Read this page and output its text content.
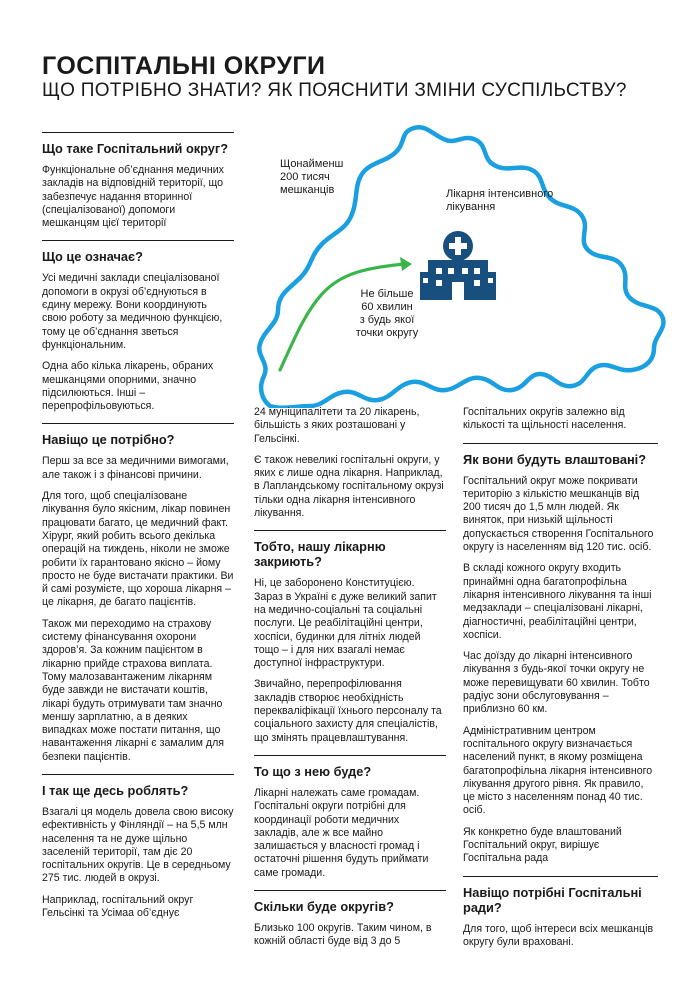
ГОСПІТАЛЬНІ ОКРУГИ
ЩО ПОТРІБНО ЗНАТИ? ЯК ПОЯСНИТИ ЗМІНИ СУСПІЛЬСТВУ?
Щонайменш
200 тисяч
мешканців	Лікарня інтенсивного
лікування
Не більше
60 хвилин
з будь якої
точки округу
Що таке Госпітальний округ?

Функціональне об’єднання медичних закладів на відповідній території, що забезпечує надання вторинної (спеціалізованої) допомоги мешканцям цієї території

Що це означає?

Усі медичні заклади спеціалізованої допомоги в окрузі об’єднуються в єдину мережу. Вони координують свою роботу за медичною функцією, тому це об’єднання зветься функціональним.

Одна або кілька лікарень, обраних мешканцями опорними, значно підсилюються. Інші – перепрофільовуються.

Навіщо це потрібно?

Перш за все за медичними вимогами, але також і з фінансові причини.

Для того, щоб спеціалізоване лікування було якісним, лікар повинен працювати багато, це медичний факт. Хірург, який робить всього декілька операцій на тиждень, ніколи не зможе робити їх гарантовано якісно – йому просто не буде вистачати практики. Ви й самі розумієте, що хороша лікарня – це лікарня, де багато пацієнтів.

Також ми переходимо на страхову систему фінансування охорони здоров’я. За кожним пацієнтом в лікарню прийде страхова виплата. Тому малозавантаженим лікарням буде завжди не вистачати коштів, лікарі будуть отримувати там значно меншу зарплатню, а в деяких випадках може постати питання, що навантаження лікарні є замалим для безпеки пацієнтів.

І так ще десь роблять?

Взагалі ця модель довела свою високу ефективність у Фінляндії – на 5,5 млн населення та не дуже щільно заселеній території, там діє 20 госпітальних округів. Це в середньому 275 тис. людей в окрузі.

Наприклад, госпітальний округ Гельсінкі та Усімаа об’єднує

24 муніципалітети та 20 лікарень, більшість з яких розташовані у Гельсінкі.

Є також невеликі госпітальні округи, у яких є лише одна лікарня. Наприклад, в Лапландському госпітальному окрузі тільки одна лікарня інтенсивного лікування.

Тобто, нашу лікарню закриють?

Ні, це заборонено Конституцією. Зараз в Україні є дуже великий запит на медично-соціальні та соціальні послуги. Це реабілітаційні центри, хоспіси, будинки для літніх людей тощо – і для них взагалі немає доступної інфраструктури.

Звичайно, перепрофілювання закладів створює необхідність перекваліфікації їхнього персоналу та соціального захисту для спеціалістів, що змінять працевлаштування.

То що з нею буде?

Лікарні належать саме громадам. Госпітальні округи потрібні для координації роботи медичних закладів, але ж все майно залишається у власності громад і остаточні рішення будуть приймати саме громади.

Скільки буде округів?

Близько 100 округів. Таким чином, в кожній області буде від 3 до 5

Госпітальних округів залежно від кількості та щільності населення.

Як вони будуть влаштовані?

Госпітальний округ може покривати територію з кількістю мешканців від 200 тисяч до 1,5 млн людей. Як виняток, при низькій щільності допускається створення Госпітального округу із населенням від 120 тис. осіб.

В складі кожного округу входить принаймні одна багатопрофільна лікарня інтенсивного лікування та інші медзаклади – спеціалізовані лікарні, діагностичні, реабілітаційні центри, хоспіси.

Час доїзду до лікарні інтенсивного лікування з будь-якої точки округу не може перевищувати 60 хвилин. Тобто радіус зони обслуговування – приблизно 60 км.

Адміністративним центром госпітального округу визначається населений пункт, в якому розміщена багатопрофільна лікарня інтенсивного лікування другого рівня. Як правило, це місто з населенням понад 40 тис. осіб.

Як конкретно буде влаштований Госпітальний округ, вирішує Госпітальна рада

Навіщо потрібні Госпітальні ради?

Для того, щоб інтереси всіх мешканців округу були враховані.
